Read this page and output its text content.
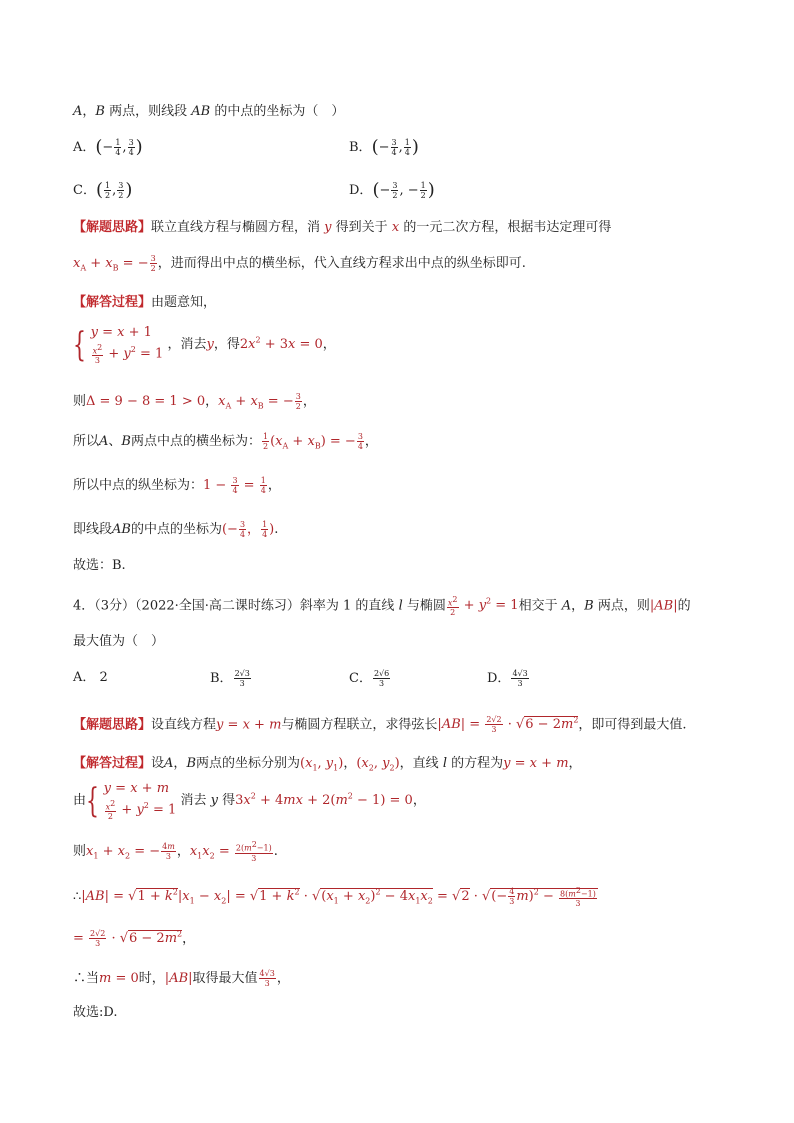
A，B 两点，则线段 AB 的中点的坐标为（　）
A．(− $\frac{1}{4}$ , $\frac{3}{4}$ )	B．(− $\frac{3}{4}$ , $\frac{1}{4}$ )
C．( $\frac{1}{2}$ , $\frac{3}{2}$ )	D．(− $\frac{3}{2}$ , − $\frac{1}{2}$ )
【解题思路】联立直线方程与椭圆方程，消 y 得到关于 x 的一元二次方程，根据韦达定理可得
$x_A + x_B$ = − $\frac{3}{2}$ ，进而得出中点的横坐标，代入直线方程求出中点的纵坐标即可.
【解答过程】由题意知，
{ y = x + 1

$\frac{x2}{3} + y^2 = 1$ ，消去y，得$2x^2 + 3x = 0$，
则Δ = 9 − 8 = 1 > 0，$x_A + x_B$ = − $\frac{3}{2}$ ，
所以A、B两点中点的横坐标为： $\frac{1}{2} (x_A + x_B)$ = − $\frac{3}{4}$ ，
所以中点的纵坐标为：$1 - \frac{3}{4} = \frac{1}{4}$ ，
即线段AB的中点的坐标为(− $\frac{3}{4}$ ， $\frac{1}{4}$ ).
故选：B.
4．（3分）（2022·全国·高二课时练习）斜率为 1 的直线 l 与椭圆 $\frac{x2}{2} + y^2 = 1$相交于 A，B 两点，则|AB|的
最大值为（　）
A． 2	B． $\frac{2√3}{3}$	C． $\frac{2√6}{3}$	D． $\frac{4√3}{3}$
【解题思路】设直线方程y = x + m与椭圆方程联立，求得弦长$|AB| = \frac{2√2}{3} \cdot √6 - 2m^2$，即可得到最大值.
【解答过程】设A，B两点的坐标分别为($x_1$, $y_1$)，($x_2$, $y_2$)，直线 l 的方程为y = x + m，
由{ y = x + m

$\frac{x2}{2} + y^2 = 1$ 消去 y 得$3x^2 + 4mx + 2(m^2 - 1) = 0$，
则$x_1 + x_2$ = − $\frac{4m}{3}$ ，$x_1x_2 = \frac{2(m2-1)}{3}$ .
∴|AB| = $√1 + k^2|x_1 - x_2| = √1 + k^2 \cdot √(x_1 + x_2)^2 - 4x_1x_2 = √2$ · √(− $\frac{4}{3} m)^2 - \frac{8(m2-1)}{3}$
= $\frac{2√2}{3} \cdot √6 - 2m^2$，
∴当m = 0时，|AB|取得最大值 $\frac{4√3}{3}$ ，
故选:D.
